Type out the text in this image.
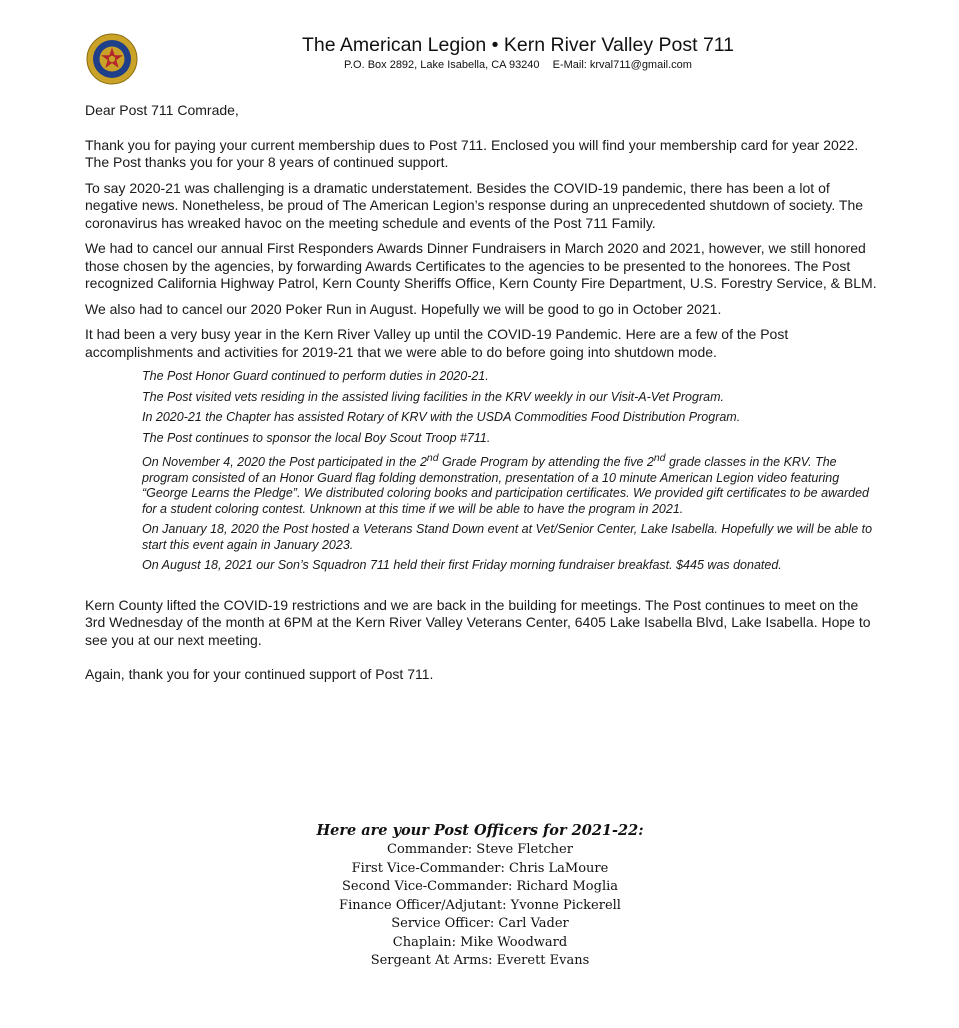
The American Legion • Kern River Valley Post 711
P.O. Box 2892, Lake Isabella, CA 93240 E-Mail: krval711@gmail.com

Dear Post 711 Comrade,

Thank you for paying your current membership dues to Post 711. Enclosed you will find your membership card for year 2022. The Post thanks you for your 8 years of continued support.

To say 2020-21 was challenging is a dramatic understatement. Besides the COVID-19 pandemic, there has been a lot of negative news. Nonetheless, be proud of The American Legion’s response during an unprecedented shutdown of society. The coronavirus has wreaked havoc on the meeting schedule and events of the Post 711 Family.

We had to cancel our annual First Responders Awards Dinner Fundraisers in March 2020 and 2021, however, we still honored those chosen by the agencies, by forwarding Awards Certificates to the agencies to be presented to the honorees. The Post recognized California Highway Patrol, Kern County Sheriffs Office, Kern County Fire Department, U.S. Forestry Service, & BLM.

We also had to cancel our 2020 Poker Run in August. Hopefully we will be good to go in October 2021.

It had been a very busy year in the Kern River Valley up until the COVID-19 Pandemic. Here are a few of the Post accomplishments and activities for 2019-21 that we were able to do before going into shutdown mode.

The Post Honor Guard continued to perform duties in 2020-21.
The Post visited vets residing in the assisted living facilities in the KRV weekly in our Visit-A-Vet Program.
In 2020-21 the Chapter has assisted Rotary of KRV with the USDA Commodities Food Distribution Program.
The Post continues to sponsor the local Boy Scout Troop #711.
On November 4, 2020 the Post participated in the 2nd Grade Program by attending the five 2nd grade classes in the KRV. The program consisted of an Honor Guard flag folding demonstration, presentation of a 10 minute American Legion video featuring “George Learns the Pledge”. We distributed coloring books and participation certificates. We provided gift certificates to be awarded for a student coloring contest. Unknown at this time if we will be able to have the program in 2021.
On January 18, 2020 the Post hosted a Veterans Stand Down event at Vet/Senior Center, Lake Isabella. Hopefully we will be able to start this event again in January 2023.
On August 18, 2021 our Son’s Squadron 711 held their first Friday morning fundraiser breakfast. $445 was donated.

Kern County lifted the COVID-19 restrictions and we are back in the building for meetings. The Post continues to meet on the 3rd Wednesday of the month at 6PM at the Kern River Valley Veterans Center, 6405 Lake Isabella Blvd, Lake Isabella. Hope to see you at our next meeting.

Again, thank you for your continued support of Post 711.

Here are your Post Officers for 2021-22:
Commander: Steve Fletcher
First Vice-Commander: Chris LaMoure
Second Vice-Commander: Richard Moglia
Finance Officer/Adjutant: Yvonne Pickerell
Service Officer: Carl Vader
Chaplain: Mike Woodward
Sergeant At Arms: Everett Evans
